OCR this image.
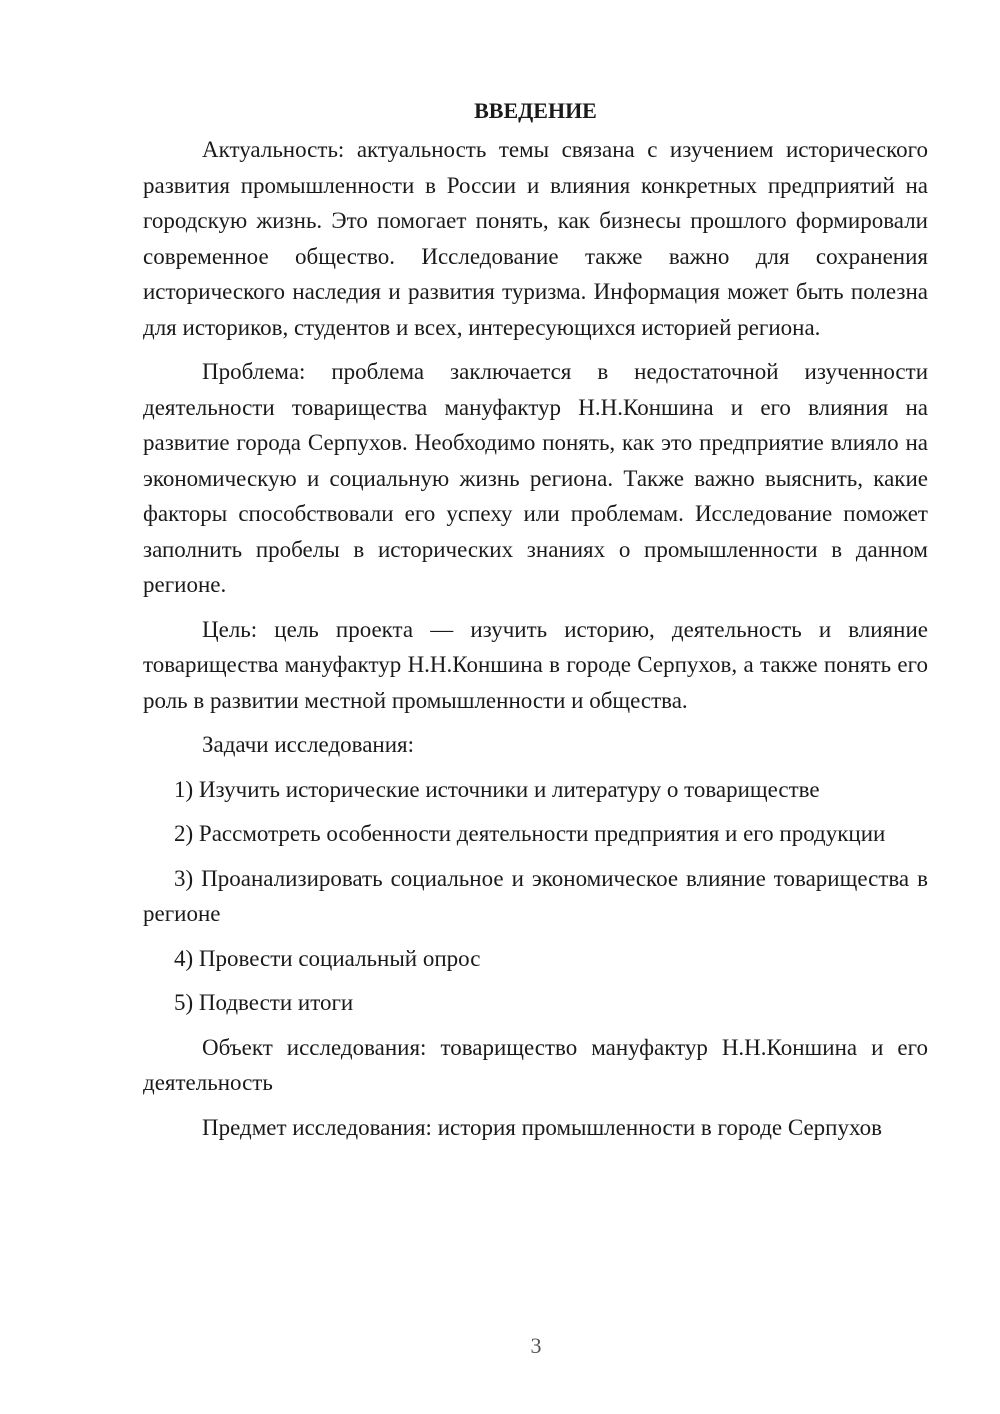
ВВЕДЕНИЕ

Актуальность: актуальность темы связана с изучением исторического развития промышленности в России и влияния конкретных предприятий на городскую жизнь. Это помогает понять, как бизнесы прошлого формировали современное общество. Исследование также важно для сохранения исторического наследия и развития туризма. Информация может быть полезна для историков, студентов и всех, интересующихся историей региона.

Проблема: проблема заключается в недостаточной изученности деятельности товарищества мануфактур Н.Н.Коншина и его влияния на развитие города Серпухов. Необходимо понять, как это предприятие влияло на экономическую и социальную жизнь региона. Также важно выяснить, какие факторы способствовали его успеху или проблемам. Исследование поможет заполнить пробелы в исторических знаниях о промышленности в данном регионе.

Цель: цель проекта — изучить историю, деятельность и влияние товарищества мануфактур Н.Н.Коншина в городе Серпухов, а также понять его роль в развитии местной промышленности и общества.

Задачи исследования:

1) Изучить исторические источники и литературу о товариществе

2) Рассмотреть особенности деятельности предприятия и его продукции

3) Проанализировать социальное и экономическое влияние товарищества в регионе

4) Провести социальный опрос

5) Подвести итоги

Объект исследования: товарищество мануфактур Н.Н.Коншина и его деятельность

Предмет исследования: история промышленности в городе Серпухов

3
